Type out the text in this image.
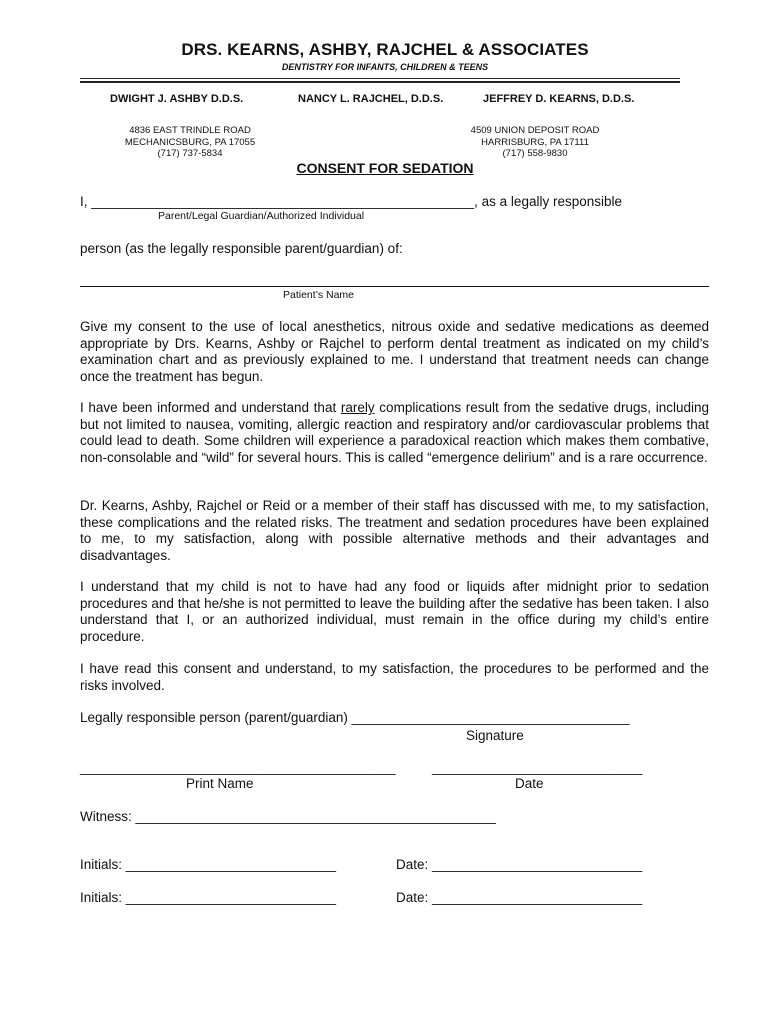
DRS. KEARNS, ASHBY, RAJCHEL & ASSOCIATES
DENTISTRY FOR INFANTS, CHILDREN & TEENS
DWIGHT J. ASHBY D.D.S.	NANCY L. RAJCHEL, D.D.S.	JEFFREY D. KEARNS, D.D.S.
4836 EAST TRINDLE ROAD
MECHANICSBURG, PA 17055
(717) 737-5834
4509 UNION DEPOSIT ROAD
HARRISBURG, PA 17111
(717) 558-9830
CONSENT FOR SEDATION
I, ___________________________________________________, as a legally responsible
Parent/Legal Guardian/Authorized Individual
person (as the legally responsible parent/guardian) of:
Patient’s Name
Give my consent to the use of local anesthetics, nitrous oxide and sedative medications as deemed appropriate by Drs. Kearns, Ashby or Rajchel to perform dental treatment as indicated on my child’s examination chart and as previously explained to me. I understand that treatment needs can change once the treatment has begun.
I have been informed and understand that rarely complications result from the sedative drugs, including but not limited to nausea, vomiting, allergic reaction and respiratory and/or cardiovascular problems that could lead to death. Some children will experience a paradoxical reaction which makes them combative, non-consolable and “wild” for several hours. This is called “emergence delirium” and is a rare occurrence.
Dr. Kearns, Ashby, Rajchel or Reid or a member of their staff has discussed with me, to my satisfaction, these complications and the related risks. The treatment and sedation procedures have been explained to me, to my satisfaction, along with possible alternative methods and their advantages and disadvantages.
I understand that my child is not to have had any food or liquids after midnight prior to sedation procedures and that he/she is not permitted to leave the building after the sedative has been taken. I also understand that I, or an authorized individual, must remain in the office during my child’s entire procedure.
I have read this consent and understand, to my satisfaction, the procedures to be performed and the risks involved.
Legally responsible person (parent/guardian) _____________________________________
Signature
__________________________________________
Print Name
____________________________
Date
Witness: ________________________________________________
Initials: ____________________________	Date: ____________________________
Initials: ____________________________	Date: ____________________________
